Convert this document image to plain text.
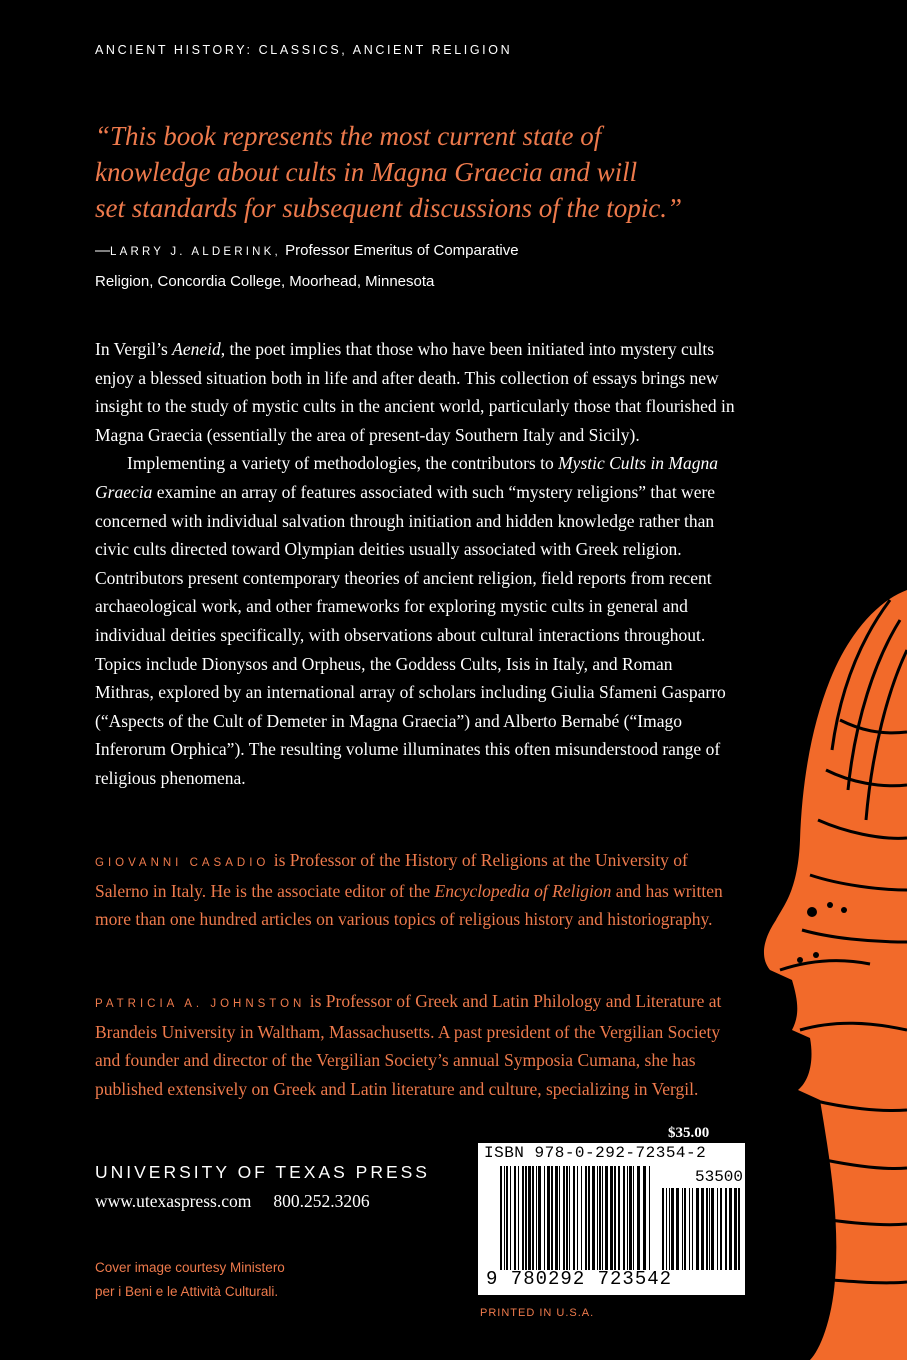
ANCIENT HISTORY: CLASSICS, ANCIENT RELIGION

“This book represents the most current state of

knowledge about cults in Magna Graecia and will

set standards for subsequent discussions of the topic.”

—LARRY J. ALDERINK, Professor Emeritus of Comparative
Religion, Concordia College, Moorhead, Minnesota

In Vergil’s Aeneid, the poet implies that those who have been initiated into mystery cults enjoy a blessed situation both in life and after death. This collection of essays brings new insight to the study of mystic cults in the ancient world, particularly those that flourished in Magna Graecia (essentially the area of present-day Southern Italy and Sicily).

Implementing a variety of methodologies, the contributors to Mystic Cults in Magna Graecia examine an array of features associated with such “mystery religions” that were concerned with individual salvation through initiation and hidden knowledge rather than civic cults directed toward Olympian deities usually associated with Greek religion. Contributors present contemporary theories of ancient religion, field reports from recent archaeological work, and other frameworks for exploring mystic cults in general and individual deities specifically, with observations about cultural interactions throughout. Topics include Dionysos and Orpheus, the Goddess Cults, Isis in Italy, and Roman Mithras, explored by an international array of scholars including Giulia Sfameni Gasparro (“Aspects of the Cult of Demeter in Magna Graecia”) and Alberto Bernabé (“Imago Inferorum Orphica”). The resulting volume illuminates this often misunderstood range of religious phenomena.

GIOVANNI CASADIO is Professor of the History of Religions at the University of Salerno in Italy. He is the associate editor of the Encyclopedia of Religion and has written more than one hundred articles on various topics of religious history and historiography.
PATRICIA A. JOHNSTON is Professor of Greek and Latin Philology and Literature at Brandeis University in Waltham, Massachusetts. A past president of the Vergilian Society and founder and director of the Vergilian Society’s annual Symposia Cumana, she has published extensively on Greek and Latin literature and culture, specializing in Vergil.
UNIVERSITY OF TEXAS PRESS
www.utexaspress.com 800.252.3206
Cover image courtesy Ministero
per i Beni e le Attività Culturali.
$35.00
ISBN 978-0-292-72354-2
53500
9 780292 723542
PRINTED IN U.S.A.
